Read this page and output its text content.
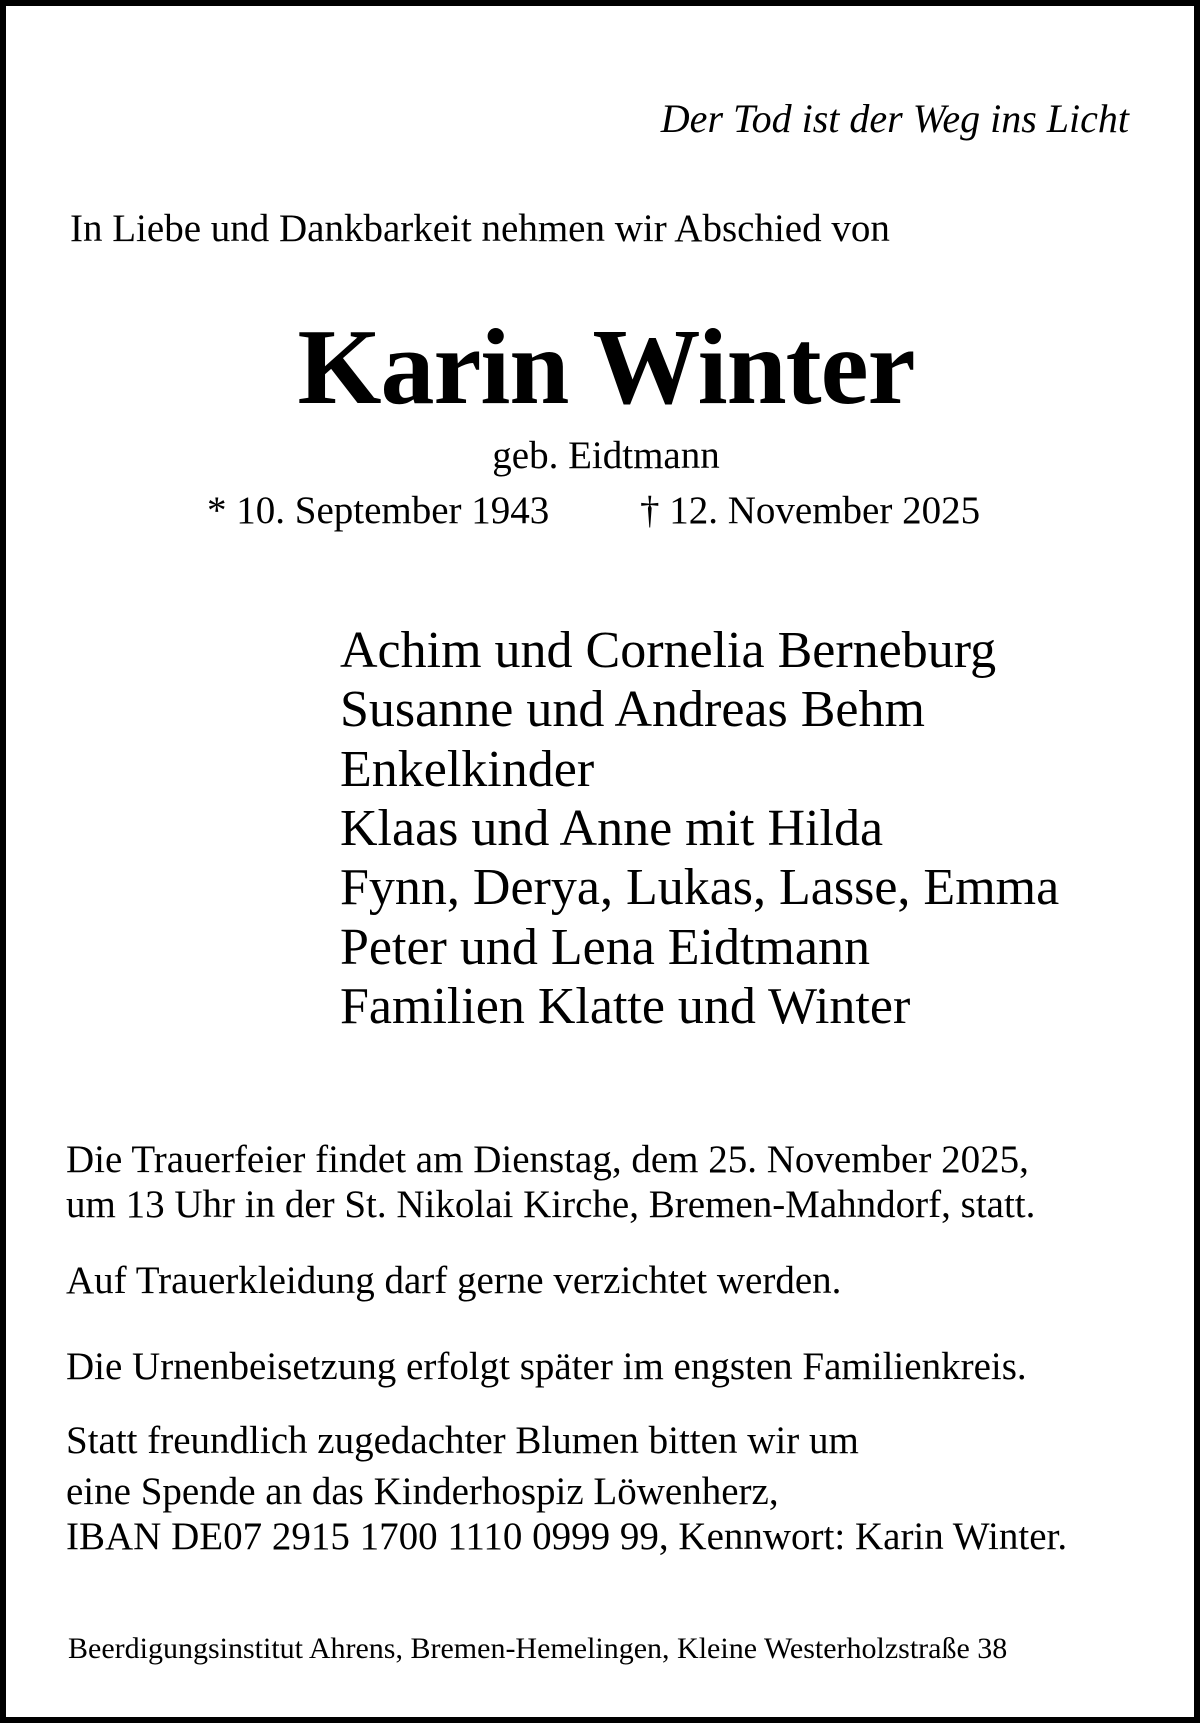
Der Tod ist der Weg ins Licht
In Liebe und Dankbarkeit nehmen wir Abschied von
Karin Winter
geb. Eidtmann
* 10. September 1943 † 12. November 2025
Achim und Cornelia Berneburg
Susanne und Andreas Behm
Enkelkinder
Klaas und Anne mit Hilda
Fynn, Derya, Lukas, Lasse, Emma
Peter und Lena Eidtmann
Familien Klatte und Winter
Die Trauerfeier findet am Dienstag, dem 25. November 2025,
um 13 Uhr in der St. Nikolai Kirche, Bremen-Mahndorf, statt.
Auf Trauerkleidung darf gerne verzichtet werden.
Die Urnenbeisetzung erfolgt später im engsten Familienkreis.
Statt freundlich zugedachter Blumen bitten wir um
eine Spende an das Kinderhospiz Löwenherz,
IBAN DE07 2915 1700 1110 0999 99, Kennwort: Karin Winter.
Beerdigungsinstitut Ahrens, Bremen-Hemelingen, Kleine Westerholzstraße 38
